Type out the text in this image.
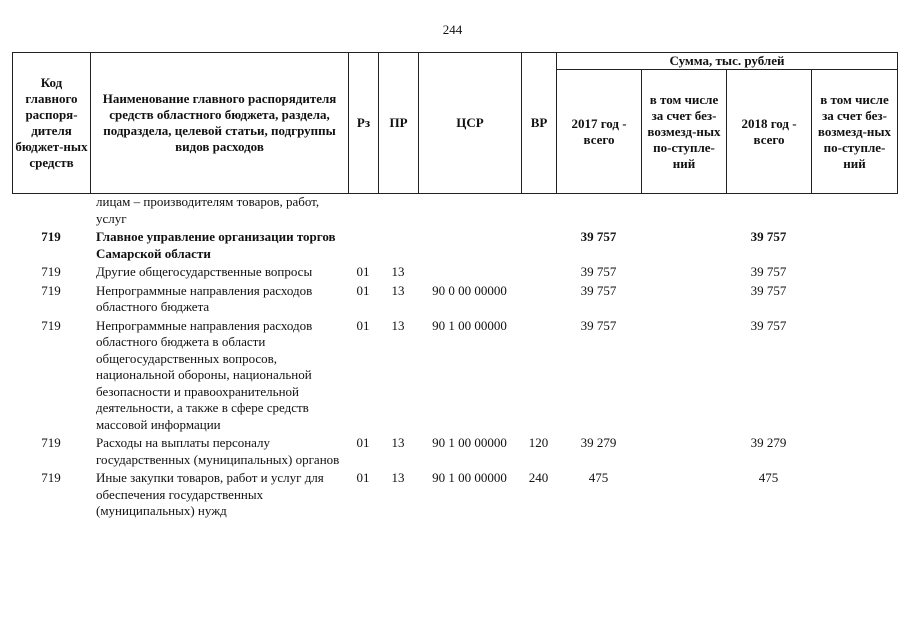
244
Код главного распоря-дителя бюджет-ных средств	Наименование главного распорядителя средств областного бюджета, раздела, подраздела, целевой статьи, подгруппы видов расходов	Рз	ПР	ЦСР	ВР	Сумма, тыс. рублей			
						2017 год - всего	в том числе за счет без-возмезд-ных по-ступле-ний	2018 год - всего	в том числе за счет без-возмезд-ных по-ступле-ний
	лицам – производителям товаров, работ, услуг								
719	Главное управление организации торгов Самарской области					39 757		39 757	
719	Другие общегосударственные вопросы	01	13			39 757		39 757	
719	Непрограммные направления расходов областного бюджета	01	13	90 0 00 00000		39 757		39 757	
719	Непрограммные направления расходов областного бюджета в области общегосударственных вопросов, национальной обороны, национальной безопасности и правоохранительной деятельности, а также в сфере средств массовой информации	01	13	90 1 00 00000		39 757		39 757	
719	Расходы на выплаты персоналу государственных (муниципальных) органов	01	13	90 1 00 00000	120	39 279		39 279	
719	Иные закупки товаров, работ и услуг для обеспечения государственных (муниципальных) нужд	01	13	90 1 00 00000	240	475		475	
